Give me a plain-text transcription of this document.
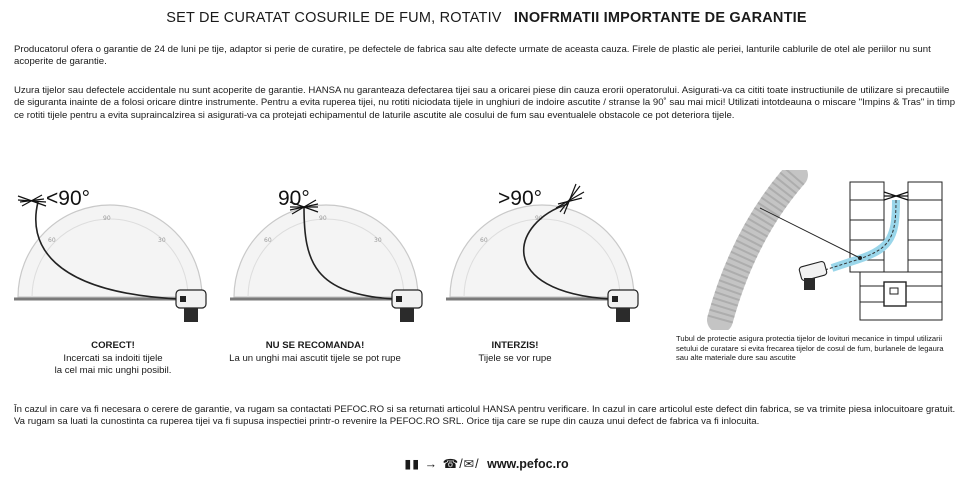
SET DE CURATAT COSURILE DE FUM, ROTATIV INOFRMATII IMPORTANTE DE GARANTIE
Producatorul ofera o garantie de 24 de luni pe tije, adaptor si perie de curatire, pe defectele de fabrica sau alte defecte urmate de aceasta cauza. Firele de plastic ale periei, lanturile cablurile de otel ale periilor nu sunt acoperite de garantie.
Uzura tijelor sau defectele accidentale nu sunt acoperite de garantie. HANSA nu garanteaza defectarea tijei sau a oricarei piese din cauza erorii operatorului. Asigurati-va ca cititi toate instructiunile de utilizare si precautiile de siguranta inainte de a folosi oricare dintre instrumente. Pentru a evita ruperea tijei, nu rotiti niciodata tijele in unghiuri de indoire ascutite / stranse la 90˚ sau mai mici! Utilizati intotdeauna o miscare "Impins & Tras" in timp ce rotiti tijele pentru a evita supraincalzirea si asigurati-va ca protejati echipamentul de laturile ascutite ale cosului de fum sau eventualele obstacole ce pot deteriora tijele.
90
30
60
<90°
CORECT!
Incercati sa indoiti tijele
la cel mai mic unghi posibil.
90
60	30
90°
NU SE RECOMANDA!
La un unghi mai ascutit tijele se pot rupe
60
90
>90°
INTERZIS!
Tijele se vor rupe
Tubul de protectie asigura protectia tijelor de lovituri mecanice in timpul utilizarii setului de curatare si evita frecarea tijelor de cosul de fum, burlanele de legaura sau alte materiale dure sau ascutite
În cazul in care va fi necesara o cerere de garantie, va rugam sa contactati PEFOC.RO si sa returnati articolul HANSA pentru verificare. In cazul in care articolul este defect din fabrica, se va trimite piesa inlocuitoare gratuit. Va rugam sa luati la cunostinta ca ruperea tijei va fi supusa inspectiei printr-o revenire la PEFOC.RO SRL. Orice tija care se rupe din cauza unui defect de fabrica va fi inlocuita.
▮▮ → ☎/✉/ www.pefoc.ro
